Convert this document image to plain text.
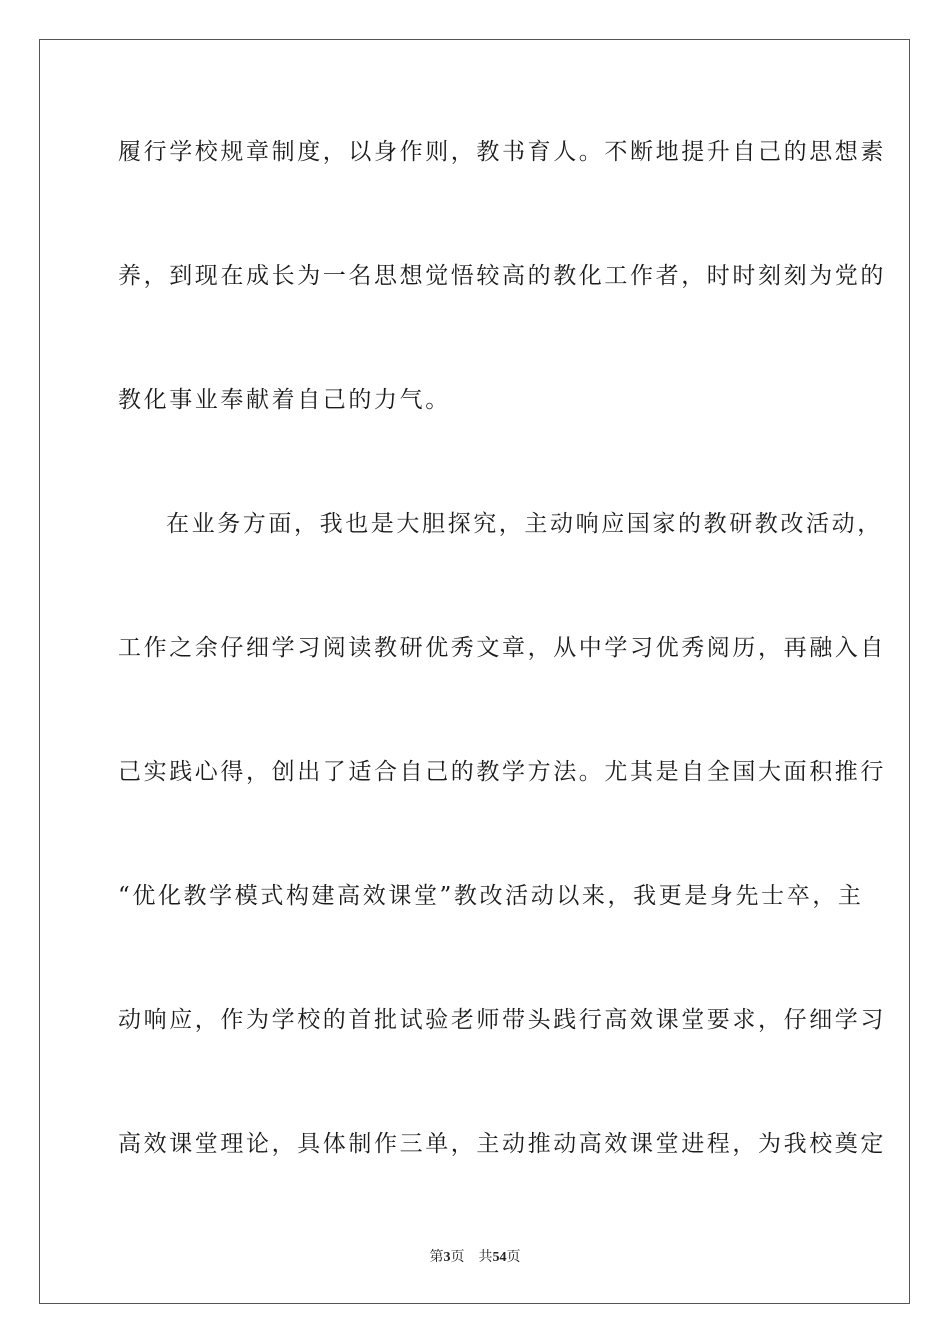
履行学校规章制度，以身作则，教书育人。不断地提升自己的思想素
养，到现在成长为一名思想觉悟较高的教化工作者，时时刻刻为党的
教化事业奉献着自己的力气。
在业务方面，我也是大胆探究，主动响应国家的教研教改活动，
工作之余仔细学习阅读教研优秀文章，从中学习优秀阅历，再融入自
己实践心得，创出了适合自己的教学方法。尤其是自全国大面积推行
“优化教学模式构建高效课堂”教改活动以来，我更是身先士卒，主
动响应，作为学校的首批试验老师带头践行高效课堂要求，仔细学习
高效课堂理论，具体制作三单，主动推动高效课堂进程，为我校奠定
第3页 共54页
